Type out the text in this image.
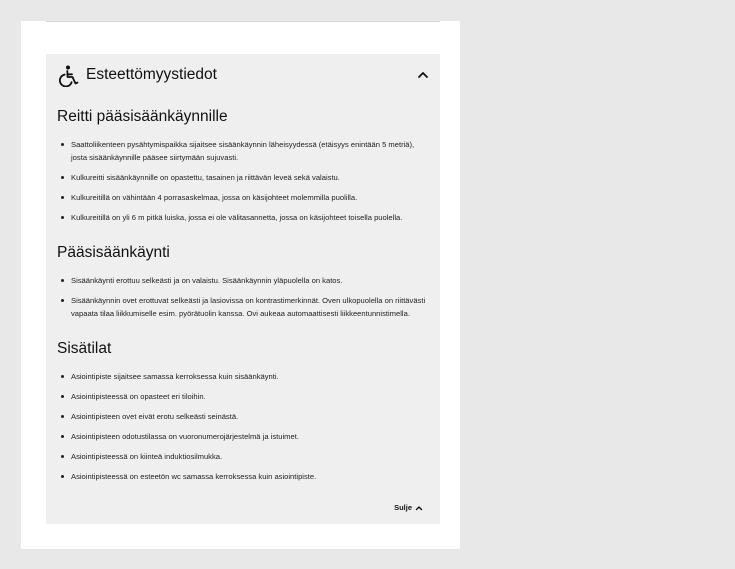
Esteettömyystiedot
Reitti pääsisäänkäynnille
Saattoliikenteen pysähtymispaikka sijaitsee sisäänkäynnin läheisyydessä (etäisyys enintään 5 metriä), josta sisäänkäynnille pääsee siirtymään sujuvasti.
Kulkureitti sisäänkäynnille on opastettu, tasainen ja riittävän leveä sekä valaistu.
Kulkureitillä on vähintään 4 porrasaskelmaa, jossa on käsijohteet molemmilla puolilla.
Kulkureitillä on yli 6 m pitkä luiska, jossa ei ole välitasannetta, jossa on käsijohteet toisella puolella.
Pääsisäänkäynti
Sisäänkäynti erottuu selkeästi ja on valaistu. Sisäänkäynnin yläpuolella on katos.
Sisäänkäynnin ovet erottuvat selkeästi ja lasiovissa on kontrastimerkinnät. Oven ulkopuolella on riittävästi vapaata tilaa liikkumiselle esim. pyörätuolin kanssa. Ovi aukeaa automaattisesti liikkeentunnistimella.
Sisätilat
Asiointipiste sijaitsee samassa kerroksessa kuin sisäänkäynti.
Asiointipisteessä on opasteet eri tiloihin.
Asiointipisteen ovet eivät erotu selkeästi seinästä.
Asiointipisteen odotustilassa on vuoronumerojärjestelmä ja istuimet.
Asiointipisteessä on kiinteä induktiosilmukka.
Asiointipisteessä on esteetön wc samassa kerroksessa kuin asiointipiste.
Sulje
